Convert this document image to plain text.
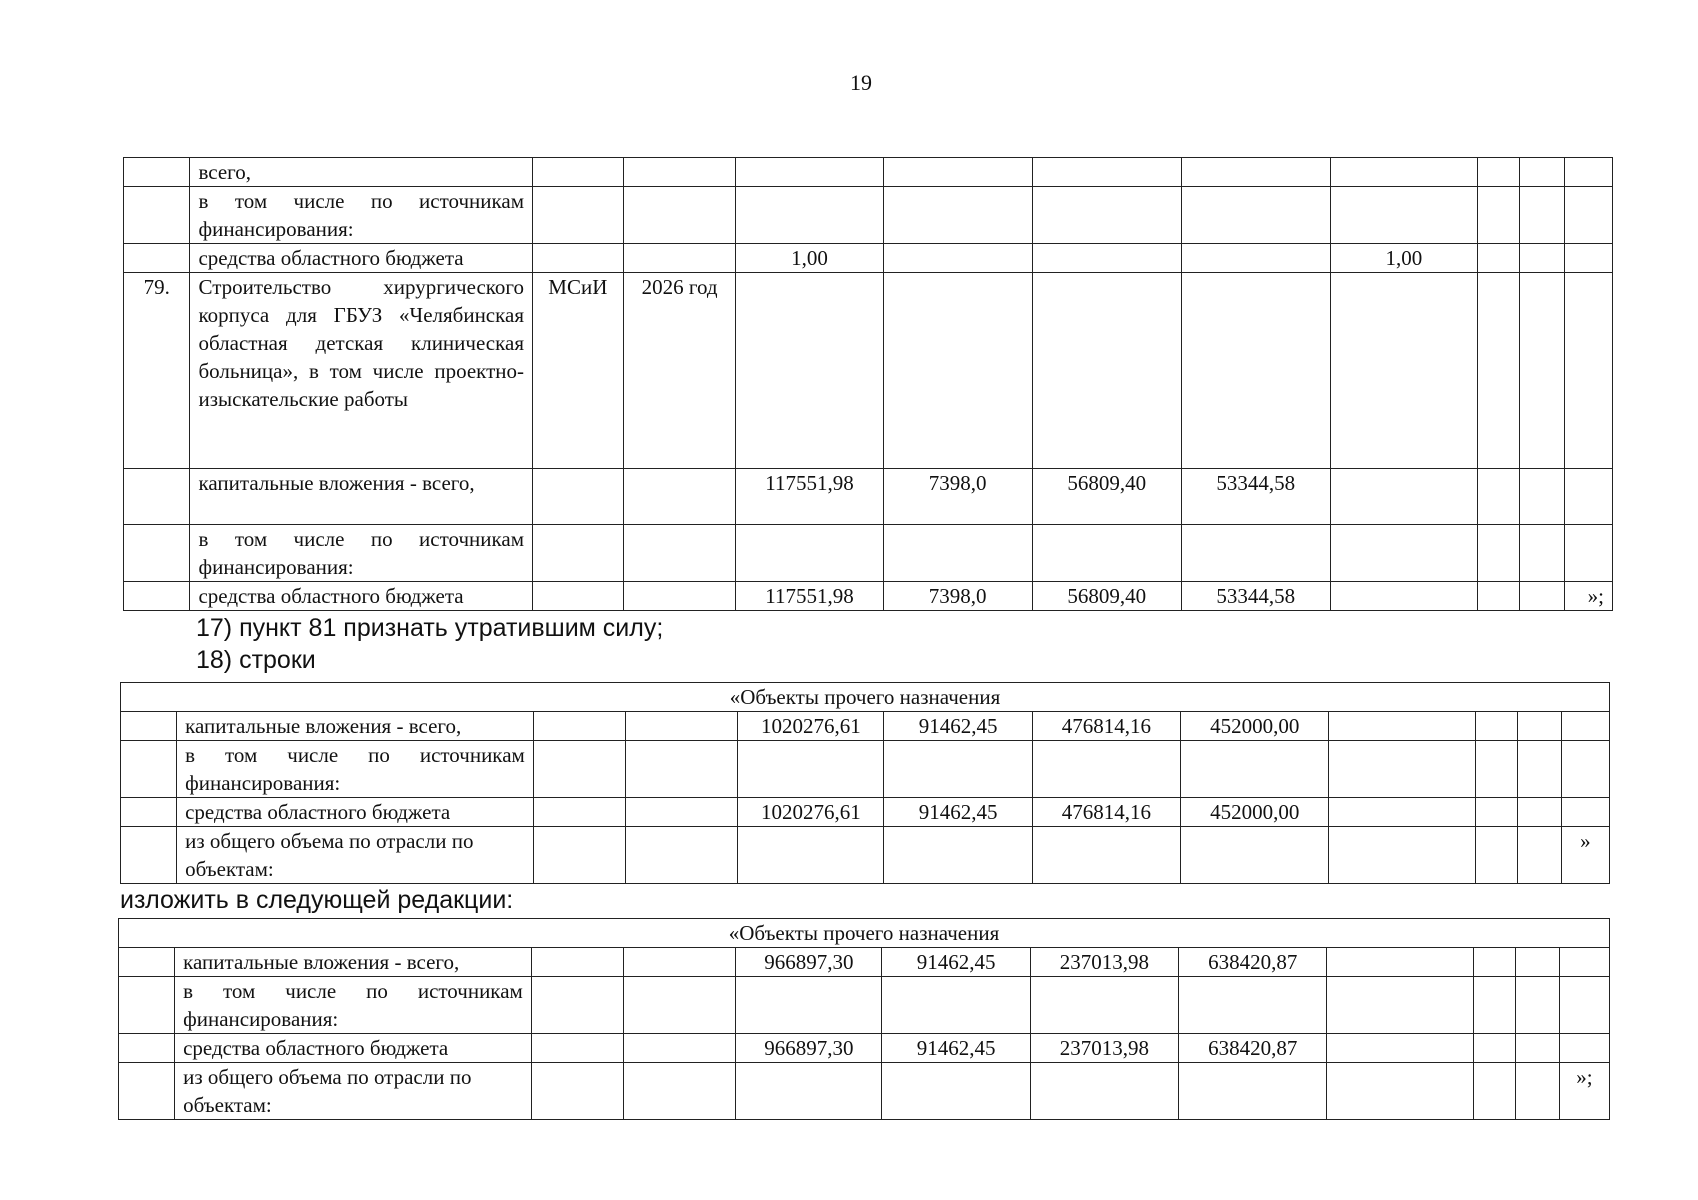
19
	всего,										
	в том числе по источникам финансирования:										
	средства областного бюджета			1,00				1,00			
79.	Строительство хирургического корпуса для ГБУЗ «Челябинская областная детская клиническая больница», в том числе проектно-изыскательские работы	МСиИ	2026 год								
	капитальные вложения - всего,			117551,98	7398,0	56809,40	53344,58				
	в том числе по источникам финансирования:										
	средства областного бюджета			117551,98	7398,0	56809,40	53344,58				»;
17) пункт 81 признать утратившим силу;
18) строки
«Объекты прочего назначения											
	капитальные вложения - всего,			1020276,61	91462,45	476814,16	452000,00				
	в том числе по источникам финансирования:										
	средства областного бюджета			1020276,61	91462,45	476814,16	452000,00				
	из общего объема по отрасли по объектам:										»
изложить в следующей редакции:
«Объекты прочего назначения											
	капитальные вложения - всего,			966897,30	91462,45	237013,98	638420,87				
	в том числе по источникам финансирования:										
	средства областного бюджета			966897,30	91462,45	237013,98	638420,87				
	из общего объема по отрасли по объектам:										»;
